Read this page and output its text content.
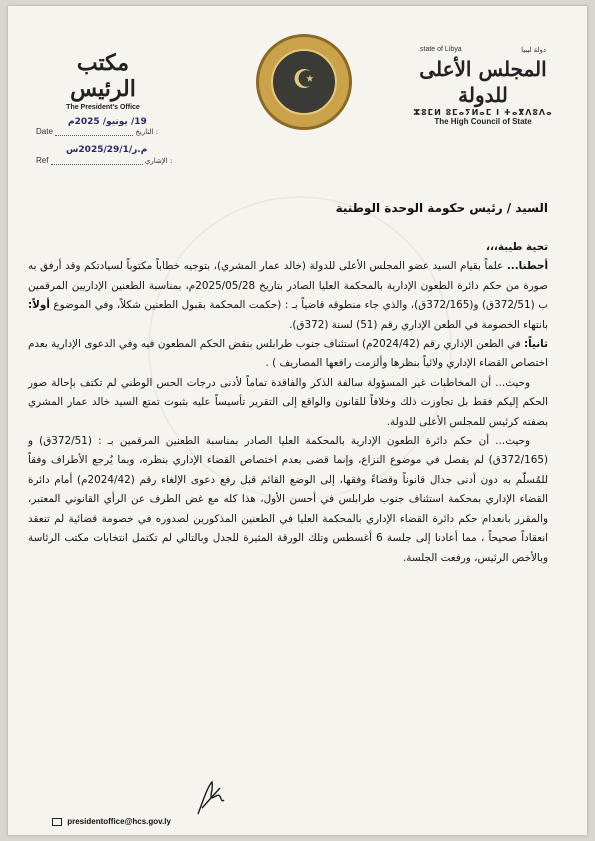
مكتب الرئيس
The President's Office
☪
state of Libya	دولة ليبيا
المجلس الأعلى للدولة
ⵣⵓⵎⵍ ⵓⵎⴰⵢⵍⴰⵎ ⵏ ⵜⴰⴳⴷⵓⴷⴰ
The High Council of State
Date	التاريخ :
19/ يونيو/ 2025م
Ref	الإشاري :
م.ر/2025/29/1س
السيد / رئيس حكومة الوحدة الوطنية
تحية طيبة،،،
أحطنا... علماً بقيام السيد عضو المجلس الأعلى للدولة (خالد عمار المشري)، بتوجيه خطاباً مكتوباً لسيادتكم وقد أرفق به صورة من حكم دائرة الطعون الإدارية بالمحكمة العليا الصادر بتاريخ 2025/05/28م، بمناسبة الطعنين الإداريين المرقمين ب (372/51ق) و(372/165ق)، والذي جاء منطوقه قاضياً بـ : (حكمت المحكمة بقبول الطعنين شكلاً، وفي الموضوع أولاً: بانتهاء الخصومة في الطعن الإداري رقم (51) لسنة (372ق).
ثانياً: في الطعن الإداري رقم (2024/42م) استئناف جنوب طرابلس بنقض الحكم المطعون فيه وفي الدعوى الإدارية بعدم اختصاص القضاء الإداري ولائياً بنظرها وألزمت رافعها المصاريف ) .
وحيث... أن المخاطبات غير المسؤولة سالفة الذكر والفاقدة تماماً لأدنى درجات الحس الوطني لم تكتف بإحالة صور الحكم إليكم فقط بل تجاوزت ذلك وخلافاً للقانون والواقع إلى التقرير تأسيساً عليه بثبوت تمتع السيد خالد عمار المشري بصفته كرئيس للمجلس الأعلى للدولة.
وحيث... أن حكم دائرة الطعون الإدارية بالمحكمة العليا الصادر بمناسبة الطعنين المرقمين بـ : (372/51ق) و (372/165ق) لم يفصل في موضوع النزاع، وإنما قضى بعدم اختصاص القضاء الإداري بنظره، وبما يُرجع الأطراف وفقاً للمُسلّم به دون أدنى جدال قانوناً وقضاءً وفقها، إلى الوضع القائم قبل رفع دعوى الإلغاء رقم (2024/42م) أمام دائرة القضاء الإداري بمحكمة استئناف جنوب طرابلس في أحسن الأول، هذا كله مع غض الطرف عن الرأي القانوني المعتبر، والمقرر بانعدام حكم دائرة القضاء الإداري بالمحكمة العليا في الطعنين المذكورين لصدوره في خصومة قضائية لم تنعقد انعقاداً صحيحاً ، مما أعادنا إلى جلسة 6 أغسطس وتلك الورقة المثيرة للجدل وبالتالي لم تكتمل انتخابات مكتب الرئاسة وبالأخص الرئيس، ورفعت الجلسة.
presidentoffice@hcs.gov.ly
